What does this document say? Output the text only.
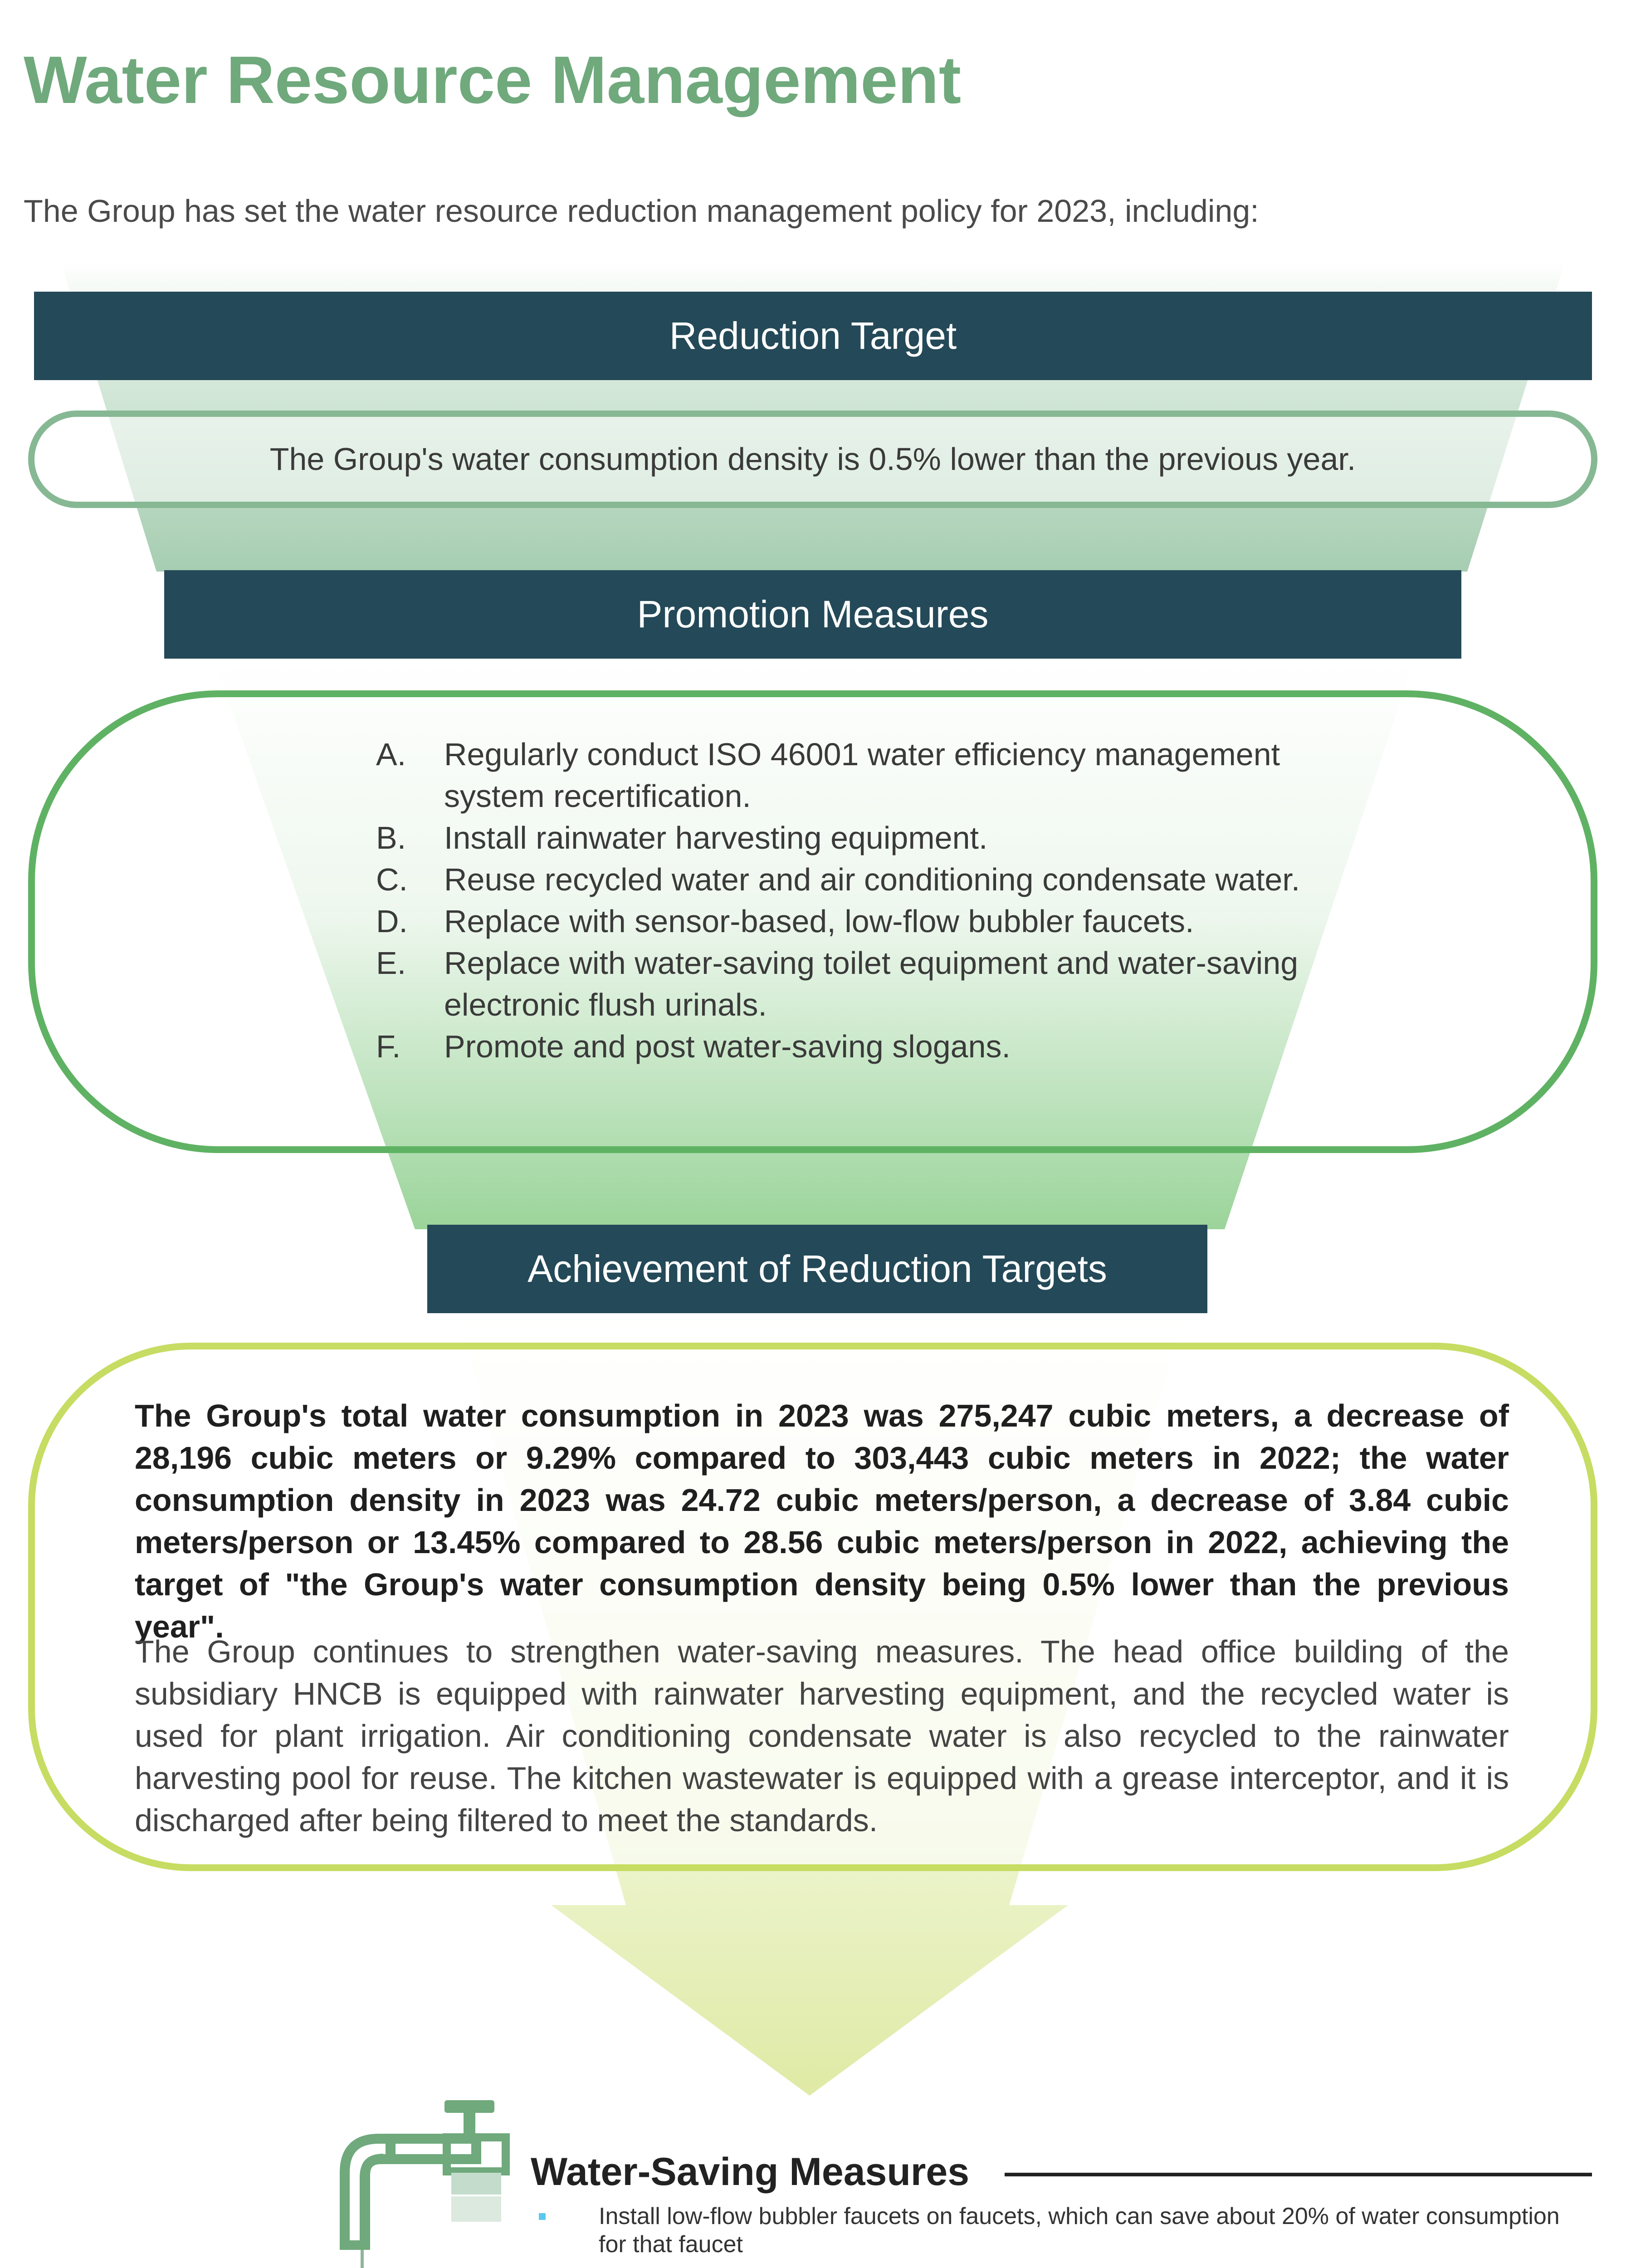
Water Resource Management
The Group has set the water resource reduction management policy for 2023, including:
Reduction Target
The Group's water consumption density is 0.5% lower than the previous year.
Promotion Measures
A. Regularly conduct ISO 46001 water efficiency management system recertification.
B. Install rainwater harvesting equipment.
C. Reuse recycled water and air conditioning condensate water.
D. Replace with sensor-based, low-flow bubbler faucets.
E. Replace with water-saving toilet equipment and water-saving electronic flush urinals.
F. Promote and post water-saving slogans.
Achievement of Reduction Targets

The Group's total water consumption in 2023 was 275,247 cubic meters, a decrease of 28,196 cubic meters or 9.29% compared to 303,443 cubic meters in 2022; the water consumption density in 2023 was 24.72 cubic meters/person, a decrease of 3.84 cubic meters/person or 13.45% compared to 28.56 cubic meters/person in 2022, achieving the target of "the Group's water consumption density being 0.5% lower than the previous year".

The Group continues to strengthen water-saving measures. The head office building of the subsidiary HNCB is equipped with rainwater harvesting equipment, and the recycled water is used for plant irrigation. Air conditioning condensate water is also recycled to the rainwater harvesting pool for reuse. The kitchen wastewater is equipped with a grease interceptor, and it is discharged after being filtered to meet the standards.

Water-Saving Measures
Install low-flow bubbler faucets on faucets, which can save about 20% of water consumption for that faucet
